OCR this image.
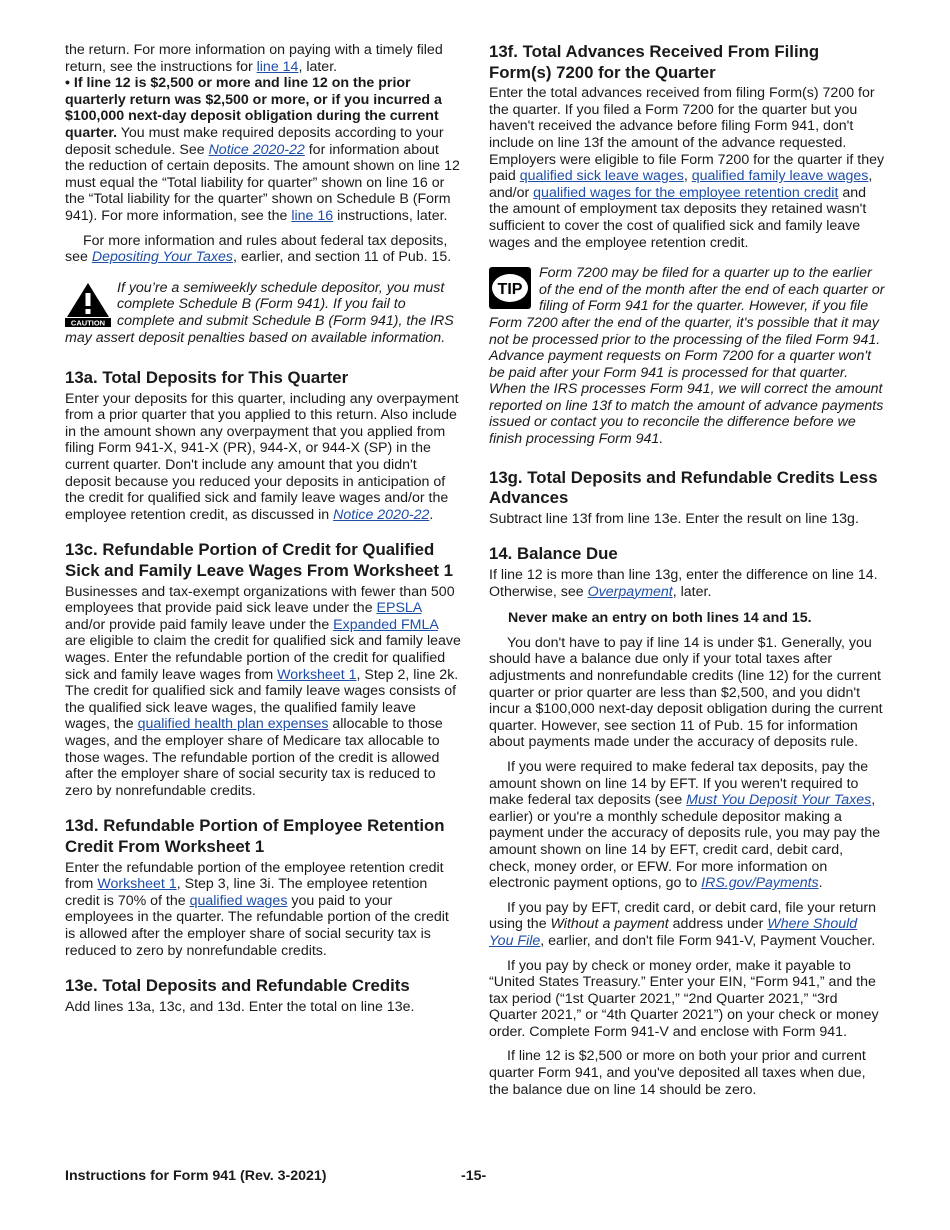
the return. For more information on paying with a timely filed return, see the instructions for line 14, later.

• If line 12 is $2,500 or more and line 12 on the prior quarterly return was $2,500 or more, or if you incurred a $100,000 next-day deposit obligation during the current quarter. You must make required deposits according to your deposit schedule. See Notice 2020-22 for information about the reduction of certain deposits. The amount shown on line 12 must equal the “Total liability for quarter” shown on line 16 or the “Total liability for the quarter” shown on Schedule B (Form 941). For more information, see the line 16 instructions, later.

For more information and rules about federal tax deposits, see Depositing Your Taxes, earlier, and section 11 of Pub. 15.

CAUTION

If you’re a semiweekly schedule depositor, you must complete Schedule B (Form 941). If you fail to complete and submit Schedule B (Form 941), the IRS may assert deposit penalties based on available information.

13a. Total Deposits for This Quarter

Enter your deposits for this quarter, including any overpayment from a prior quarter that you applied to this return. Also include in the amount shown any overpayment that you applied from filing Form 941-X, 941-X (PR), 944-X, or 944-X (SP) in the current quarter. Don't include any amount that you didn't deposit because you reduced your deposits in anticipation of the credit for qualified sick and family leave wages and/or the employee retention credit, as discussed in Notice 2020-22.

13c. Refundable Portion of Credit for Qualified Sick and Family Leave Wages From Worksheet 1

Businesses and tax-exempt organizations with fewer than 500 employees that provide paid sick leave under the EPSLA and/or provide paid family leave under the Expanded FMLA are eligible to claim the credit for qualified sick and family leave wages. Enter the refundable portion of the credit for qualified sick and family leave wages from Worksheet 1, Step 2, line 2k. The credit for qualified sick and family leave wages consists of the qualified sick leave wages, the qualified family leave wages, the qualified health plan expenses allocable to those wages, and the employer share of Medicare tax allocable to those wages. The refundable portion of the credit is allowed after the employer share of social security tax is reduced to zero by nonrefundable credits.

13d. Refundable Portion of Employee Retention Credit From Worksheet 1

Enter the refundable portion of the employee retention credit from Worksheet 1, Step 3, line 3i. The employee retention credit is 70% of the qualified wages you paid to your employees in the quarter. The refundable portion of the credit is allowed after the employer share of social security tax is reduced to zero by nonrefundable credits.

13e. Total Deposits and Refundable Credits

Add lines 13a, 13c, and 13d. Enter the total on line 13e.

13f. Total Advances Received From Filing Form(s) 7200 for the Quarter

Enter the total advances received from filing Form(s) 7200 for the quarter. If you filed a Form 7200 for the quarter but you haven't received the advance before filing Form 941, don't include on line 13f the amount of the advance requested. Employers were eligible to file Form 7200 for the quarter if they paid qualified sick leave wages, qualified family leave wages, and/or qualified wages for the employee retention credit and the amount of employment tax deposits they retained wasn't sufficient to cover the cost of qualified sick and family leave wages and the employee retention credit.

TIP

Form 7200 may be filed for a quarter up to the earlier of the end of the month after the end of each quarter or filing of Form 941 for the quarter. However, if you file Form 7200 after the end of the quarter, it's possible that it may not be processed prior to the processing of the filed Form 941. Advance payment requests on Form 7200 for a quarter won't be paid after your Form 941 is processed for that quarter. When the IRS processes Form 941, we will correct the amount reported on line 13f to match the amount of advance payments issued or contact you to reconcile the difference before we finish processing Form 941.

13g. Total Deposits and Refundable Credits Less Advances

Subtract line 13f from line 13e. Enter the result on line 13g.

14. Balance Due

If line 12 is more than line 13g, enter the difference on line 14. Otherwise, see Overpayment, later.

Never make an entry on both lines 14 and 15.

You don't have to pay if line 14 is under $1. Generally, you should have a balance due only if your total taxes after adjustments and nonrefundable credits (line 12) for the current quarter or prior quarter are less than $2,500, and you didn't incur a $100,000 next-day deposit obligation during the current quarter. However, see section 11 of Pub. 15 for information about payments made under the accuracy of deposits rule.

If you were required to make federal tax deposits, pay the amount shown on line 14 by EFT. If you weren't required to make federal tax deposits (see Must You Deposit Your Taxes, earlier) or you're a monthly schedule depositor making a payment under the accuracy of deposits rule, you may pay the amount shown on line 14 by EFT, credit card, debit card, check, money order, or EFW. For more information on electronic payment options, go to IRS.gov/Payments.

If you pay by EFT, credit card, or debit card, file your return using the Without a payment address under Where Should You File, earlier, and don't file Form 941-V, Payment Voucher.

If you pay by check or money order, make it payable to “United States Treasury.” Enter your EIN, “Form 941,” and the tax period (“1st Quarter 2021,” “2nd Quarter 2021,” “3rd Quarter 2021,” or “4th Quarter 2021”) on your check or money order. Complete Form 941-V and enclose with Form 941.

If line 12 is $2,500 or more on both your prior and current quarter Form 941, and you've deposited all taxes when due, the balance due on line 14 should be zero.

Instructions for Form 941 (Rev. 3-2021)	-15-
